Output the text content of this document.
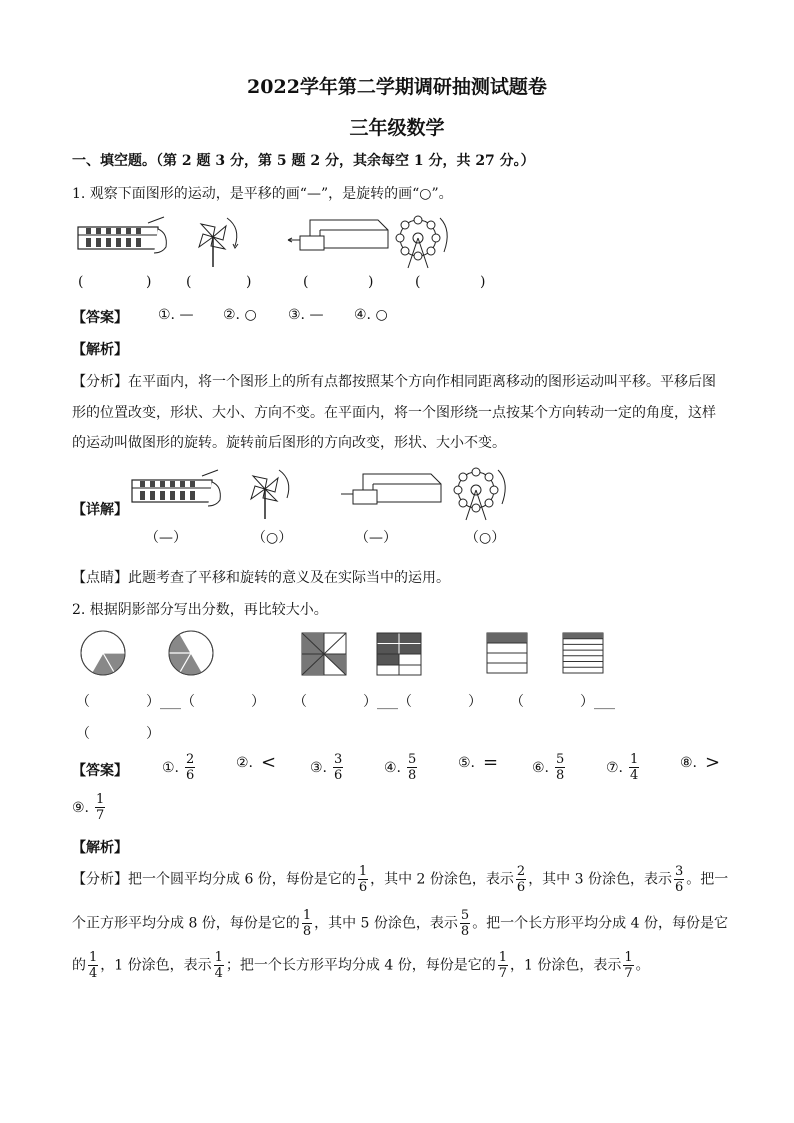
2022学年第二学期调研抽测试题卷
三年级数学
一、填空题。（第 2 题 3 分，第 5 题 2 分，其余每空 1 分，共 27 分。）
1. 观察下面图形的运动，是平移的画“—”，是旋转的画“○”。
(	) (	)	(	)	(	)
【答案】 ①. — ②. ○ ③. — ④. ○
【解析】
【分析】在平面内，将一个图形上的所有点都按照某个方向作相同距离移动的图形运动叫平移。平移后图
形的位置改变，形状、大小、方向不变。在平面内，将一个图形绕一点按某个方向转动一定的角度，这样
的运动叫做图形的旋转。旋转前后图形的方向改变，形状、大小不变。
【详解】
（—）	（○）	（—）	（○）
【点睛】此题考查了平移和旋转的意义及在实际当中的运用。
2. 根据阴影部分写出分数，再比较大小。
（　　　　）___（　　　　）　　　（　　　　）___（　　　　）　　　（　　　　）___
（　　　　）
【答案】 ①. $\frac{2}{6}$	②. < ③. $\frac{3}{6}$	④. $\frac{5}{8}$	⑤. = ⑥. $\frac{5}{8}$	⑦. $\frac{1}{4}$	⑧. >
⑨. $\frac{1}{7}$
【解析】
【分析】把一个圆平均分成 6 份，每份是它的 $\frac{1}{6}$ ，其中 2 份涂色，表示 $\frac{2}{6}$ ，其中 3 份涂色，表示 $\frac{3}{6}$ 。把一
个正方形平均分成 8 份，每份是它的 $\frac{1}{8}$ ，其中 5 份涂色，表示 $\frac{5}{8}$ 。把一个长方形平均分成 4 份，每份是它
的 $\frac{1}{4}$ ，1 份涂色，表示 $\frac{1}{4}$ ；把一个长方形平均分成 4 份，每份是它的 $\frac{1}{7}$ ，1 份涂色，表示 $\frac{1}{7}$ 。
